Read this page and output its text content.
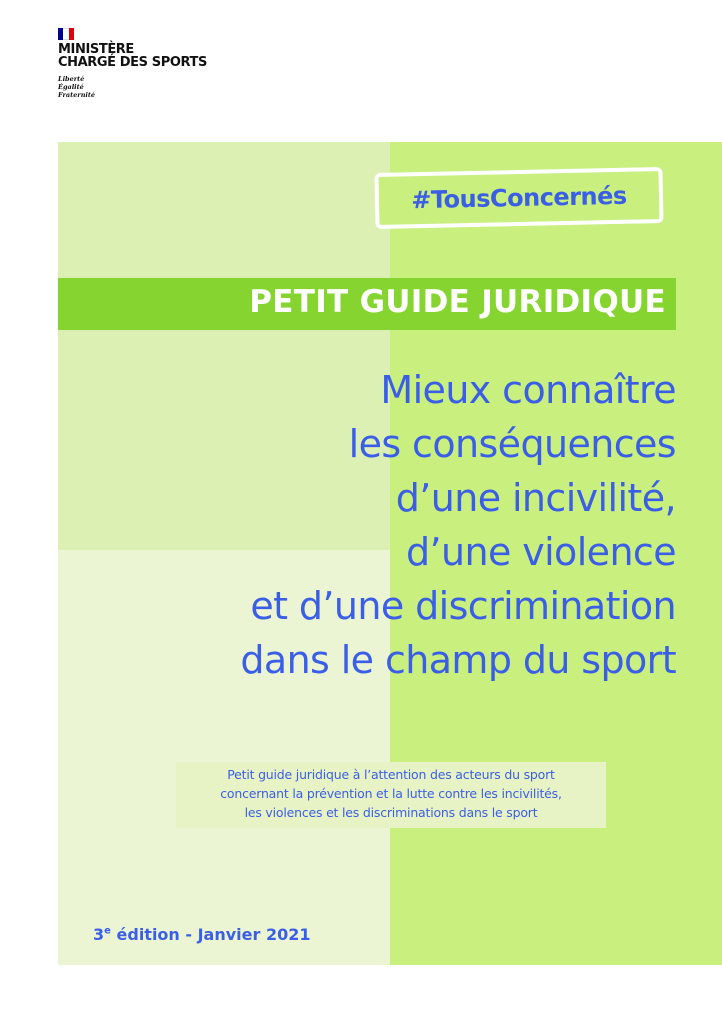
MINISTÈRE
CHARGÉ DES SPORTS
Liberté
Égalité
Fraternité
#TousConcernés
PETIT GUIDE JURIDIQUE
Mieux connaître
les conséquences
d’une incivilité,
d’une violence
et d’une discrimination
dans le champ du sport
Petit guide juridique à l’attention des acteurs du sport
concernant la prévention et la lutte contre les incivilités,
les violences et les discriminations dans le sport
3e édition - Janvier 2021
